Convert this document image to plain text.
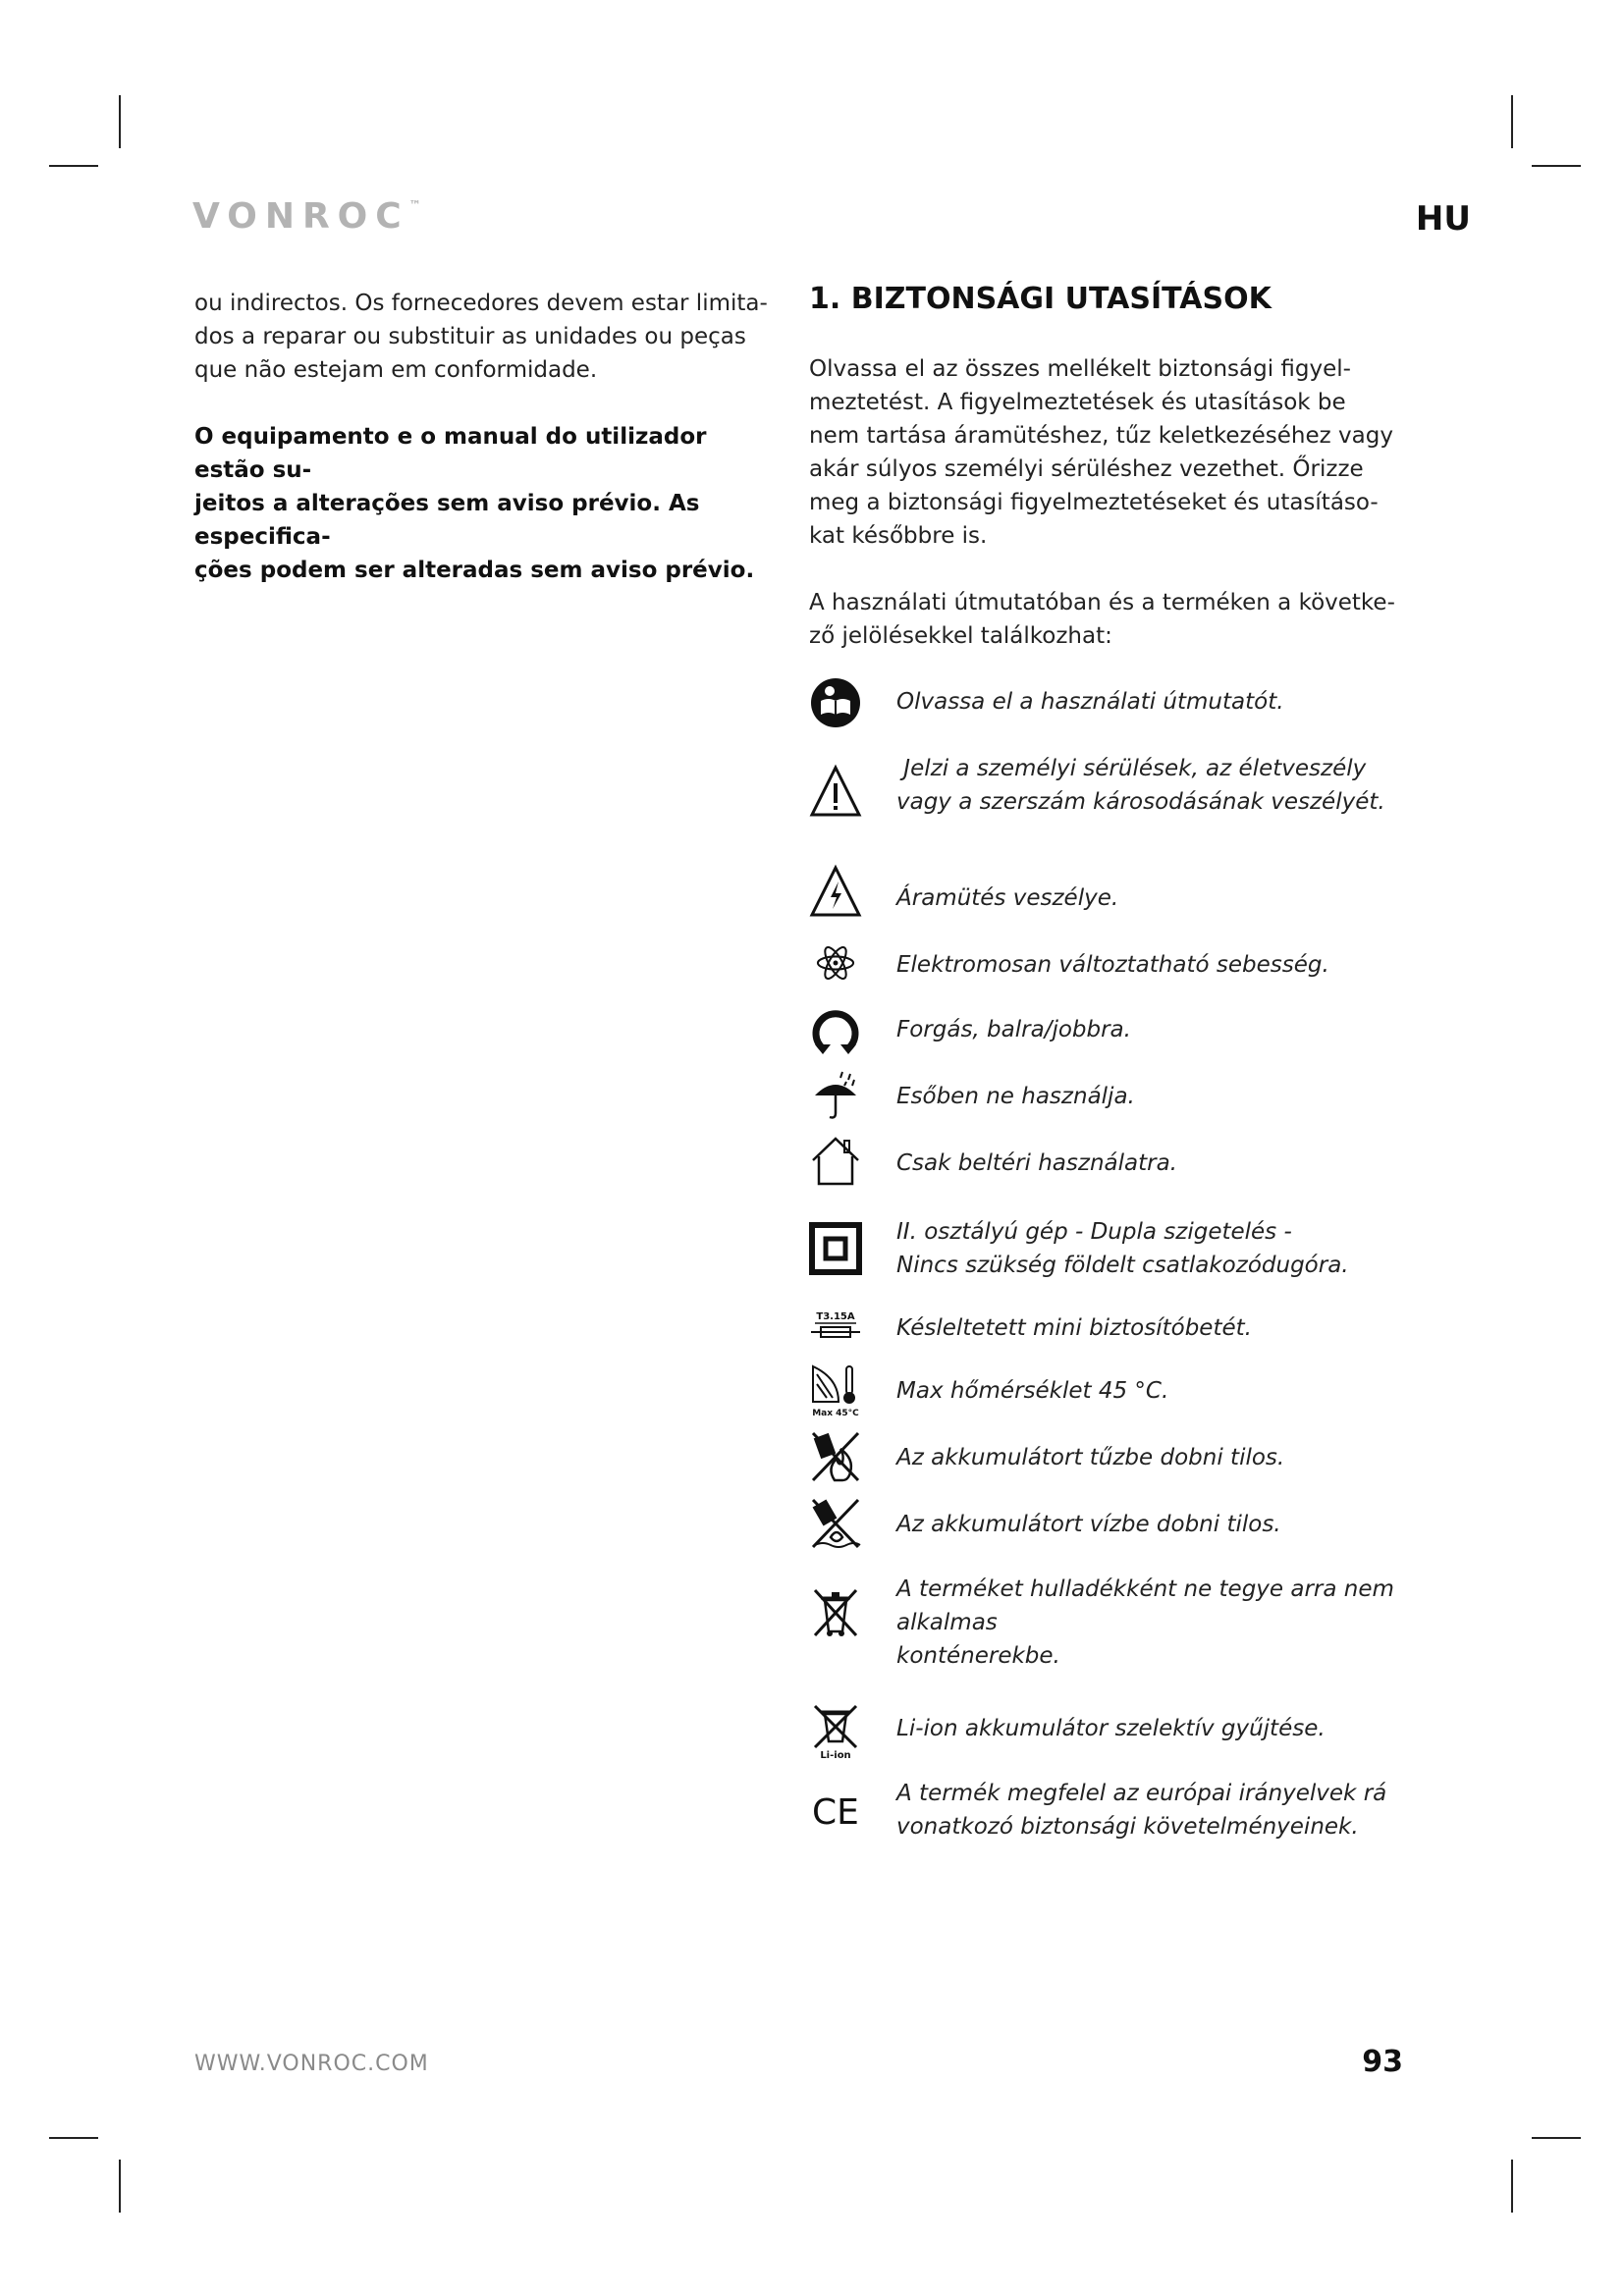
VONROC™	HU

ou indirectos. Os fornecedores devem estar limita-
dos a reparar ou substituir as unidades ou peças
que não estejam em conformidade.

O equipamento e o manual do utilizador estão su-
jeitos a alterações sem aviso prévio. As especifica-
ções podem ser alteradas sem aviso prévio.

1. BIZTONSÁGI UTASÍTÁSOK

Olvassa el az összes mellékelt biztonsági figyel-
meztetést. A figyelmeztetések és utasítások be
nem tartása áramütéshez, tűz keletkezéséhez vagy
akár súlyos személyi sérüléshez vezethet. Őrizze
meg a biztonsági figyelmeztetéseket és utasításo-
kat későbbre is.

A használati útmutatóban és a terméken a követke-
ző jelölésekkel találkozhat:

Olvassa el a használati útmutatót.
Jelzi a személyi sérülések, az életveszély
vagy a szerszám károsodásának veszélyét.
Áramütés veszélye.
Elektromosan változtatható sebesség.
Forgás, balra/jobbra.
Esőben ne használja.
Csak beltéri használatra.
II. osztályú gép - Dupla szigetelés -
Nincs szükség földelt csatlakozódugóra.
T3.15A Késleltetett mini biztosítóbetét.
Max 45°C
Max hőmérséklet 45 °C.
Az akkumulátort tűzbe dobni tilos.
Az akkumulátort vízbe dobni tilos.
A terméket hulladékként ne tegye arra nem
alkalmas
konténerekbe.
Li-ion
Li-ion akkumulátor szelektív gyűjtése.
CE A termék megfelel az európai irányelvek rá
vonatkozó biztonsági követelményeinek.
WWW.VONROC.COM	93
